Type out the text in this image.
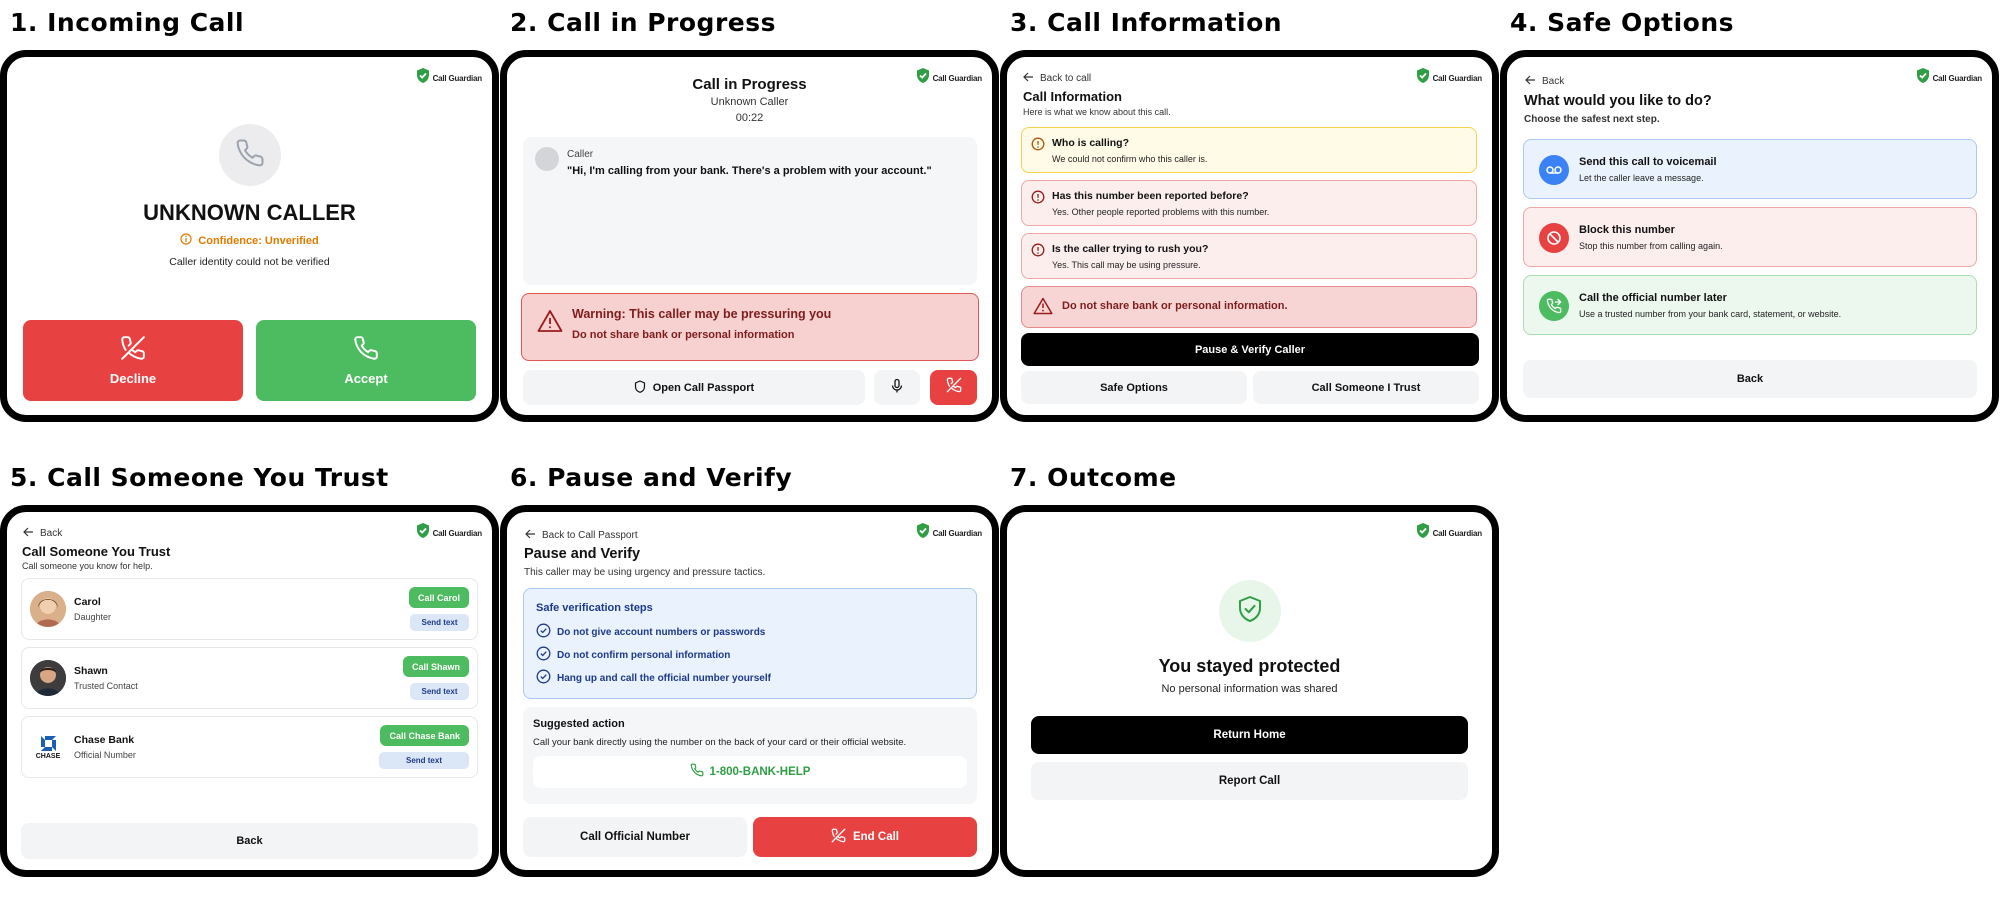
1. Incoming Call	2. Call in Progress	3. Call Information	4. Safe Options
5. Call Someone You Trust	6. Pause and Verify	7. Outcome
Call Guardian
UNKNOWN CALLER
Confidence: Unverified
Caller identity could not be verified
Decline	Accept
Call Guardian
Call in Progress
Unknown Caller
00:22
Caller
"Hi, I'm calling from your bank. There's a problem with your account."
Warning: This caller may be pressuring you
Do not share bank or personal information
Open Call Passport
Call Guardian
Back to call
Call Information
Here is what we know about this call.
Who is calling?
We could not confirm who this caller is.
Has this number been reported before?
Yes. Other people reported problems with this number.
Is the caller trying to rush you?
Yes. This call may be using pressure.
Do not share bank or personal information.
Pause & Verify Caller
Safe Options	Call Someone I Trust
Call Guardian
Back
What would you like to do?
Choose the safest next step.
Send this call to voicemail
Let the caller leave a message.
Block this number
Stop this number from calling again.
Call the official number later
Use a trusted number from your bank card, statement, or website.
Back
Call Guardian
Back
Call Someone You Trust
Call someone you know for help.
Carol
Daughter
Call Carol
Send text
Shawn
Trusted Contact
Call Shawn
Send text
CHASE
Chase Bank
Official Number
Call Chase Bank
Send text
Back
Call Guardian
Back to Call Passport
Pause and Verify
This caller may be using urgency and pressure tactics.
Safe verification steps
Do not give account numbers or passwords
Do not confirm personal information
Hang up and call the official number yourself
Suggested action
Call your bank directly using the number on the back of your card or their official website.
1-800-BANK-HELP
Call Official Number	End Call
Call Guardian
You stayed protected
No personal information was shared
Return Home
Report Call
